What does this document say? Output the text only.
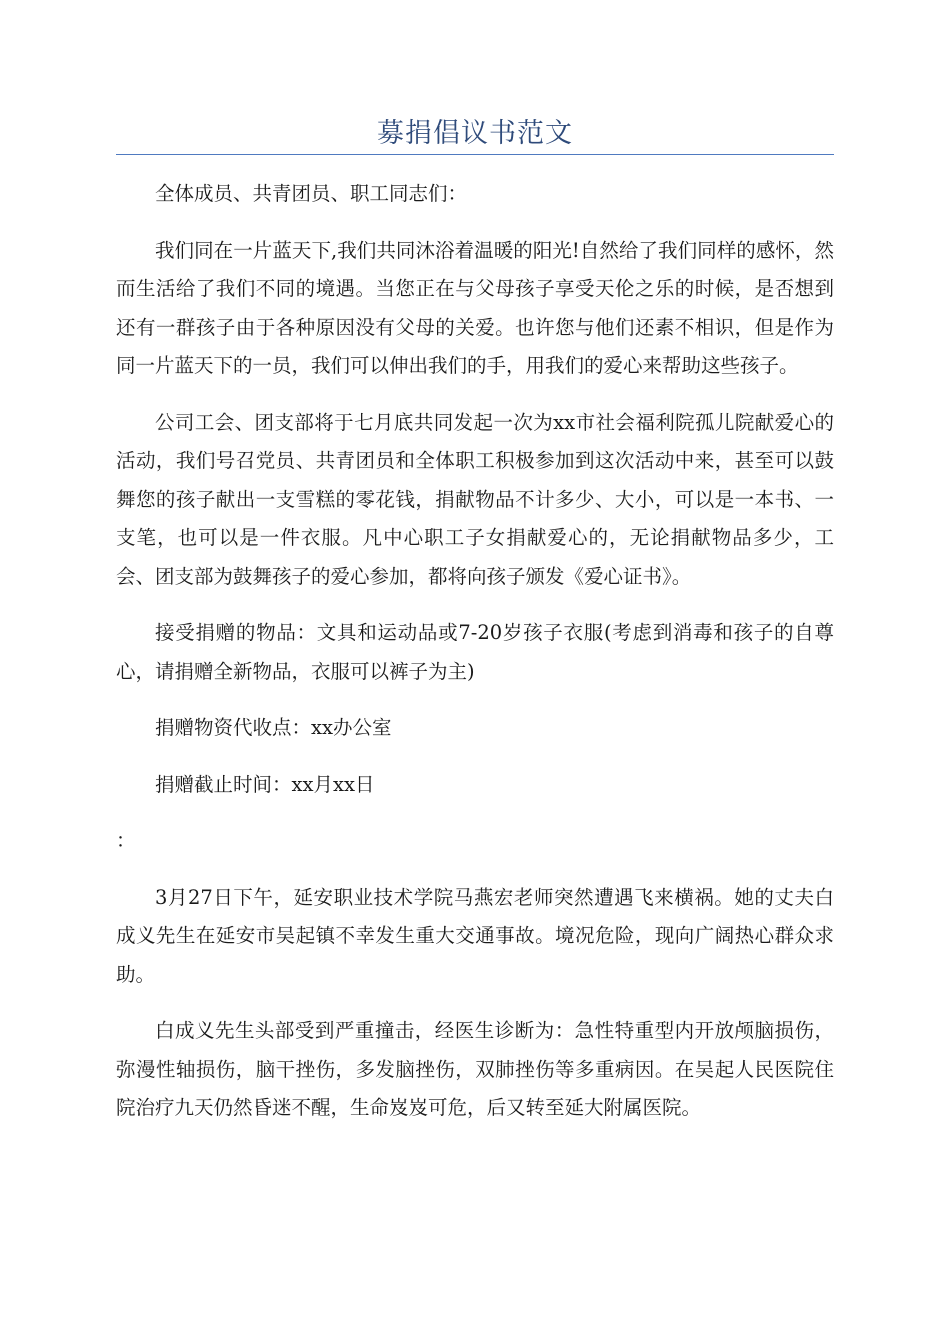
募捐倡议书范文

全体成员、共青团员、职工同志们：

我们同在一片蓝天下,我们共同沐浴着温暖的阳光!自然给了我们同样的感怀，然而生活给了我们不同的境遇。当您正在与父母孩子享受天伦之乐的时候，是否想到还有一群孩子由于各种原因没有父母的关爱。也许您与他们还素不相识，但是作为同一片蓝天下的一员，我们可以伸出我们的手，用我们的爱心来帮助这些孩子。

公司工会、团支部将于七月底共同发起一次为xx市社会福利院孤儿院献爱心的活动，我们号召党员、共青团员和全体职工积极参加到这次活动中来，甚至可以鼓舞您的孩子献出一支雪糕的零花钱，捐献物品不计多少、大小，可以是一本书、一支笔，也可以是一件衣服。凡中心职工子女捐献爱心的，无论捐献物品多少，工会、团支部为鼓舞孩子的爱心参加，都将向孩子颁发《爱心证书》。

接受捐赠的物品：文具和运动品或7-20岁孩子衣服(考虑到消毒和孩子的自尊心，请捐赠全新物品，衣服可以裤子为主)

捐赠物资代收点：xx办公室

捐赠截止时间：xx月xx日

：

3月27日下午，延安职业技术学院马燕宏老师突然遭遇飞来横祸。她的丈夫白成义先生在延安市吴起镇不幸发生重大交通事故。境况危险，现向广阔热心群众求助。

白成义先生头部受到严重撞击，经医生诊断为：急性特重型内开放颅脑损伤，弥漫性轴损伤，脑干挫伤，多发脑挫伤，双肺挫伤等多重病因。在吴起人民医院住院治疗九天仍然昏迷不醒，生命岌岌可危，后又转至延大附属医院。
